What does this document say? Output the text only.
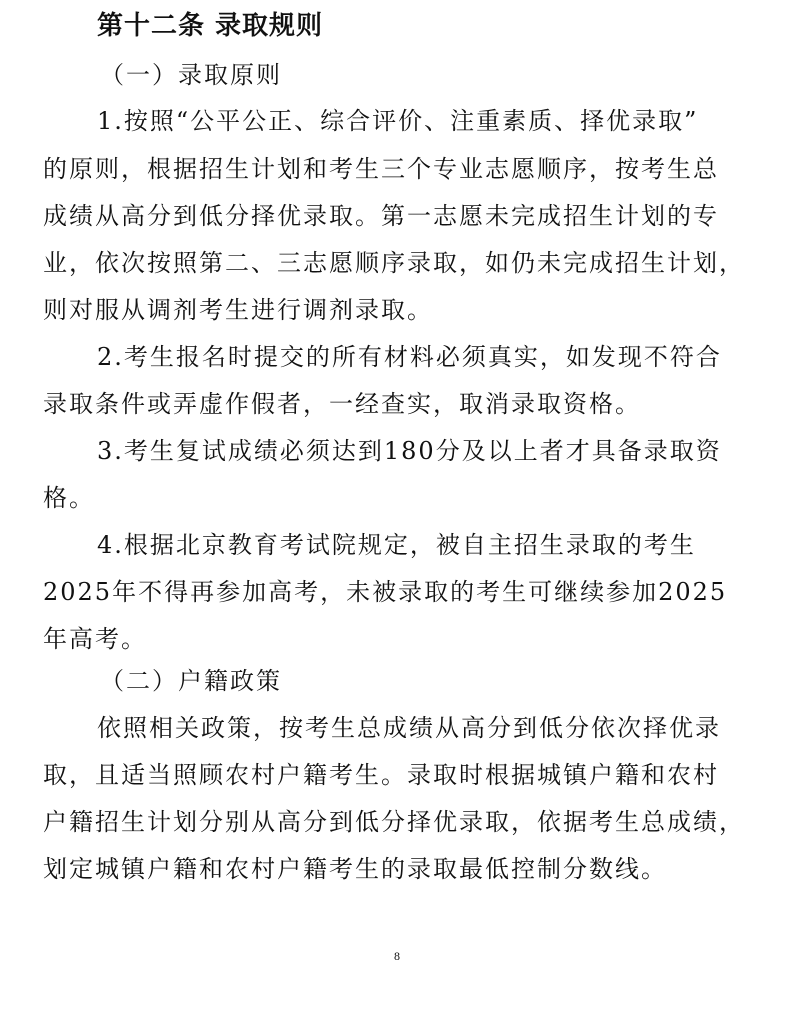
第十二条 录取规则
（一）录取原则
1.按照“公平公正、综合评价、注重素质、择优录取”
的原则，根据招生计划和考生三个专业志愿顺序，按考生总
成绩从高分到低分择优录取。第一志愿未完成招生计划的专
业，依次按照第二、三志愿顺序录取，如仍未完成招生计划，
则对服从调剂考生进行调剂录取。
2.考生报名时提交的所有材料必须真实，如发现不符合
录取条件或弄虚作假者，一经查实，取消录取资格。
3.考生复试成绩必须达到180分及以上者才具备录取资
格。
4.根据北京教育考试院规定，被自主招生录取的考生
2025年不得再参加高考，未被录取的考生可继续参加2025
年高考。
（二）户籍政策
依照相关政策，按考生总成绩从高分到低分依次择优录
取，且适当照顾农村户籍考生。录取时根据城镇户籍和农村
户籍招生计划分别从高分到低分择优录取，依据考生总成绩，
划定城镇户籍和农村户籍考生的录取最低控制分数线。
8
